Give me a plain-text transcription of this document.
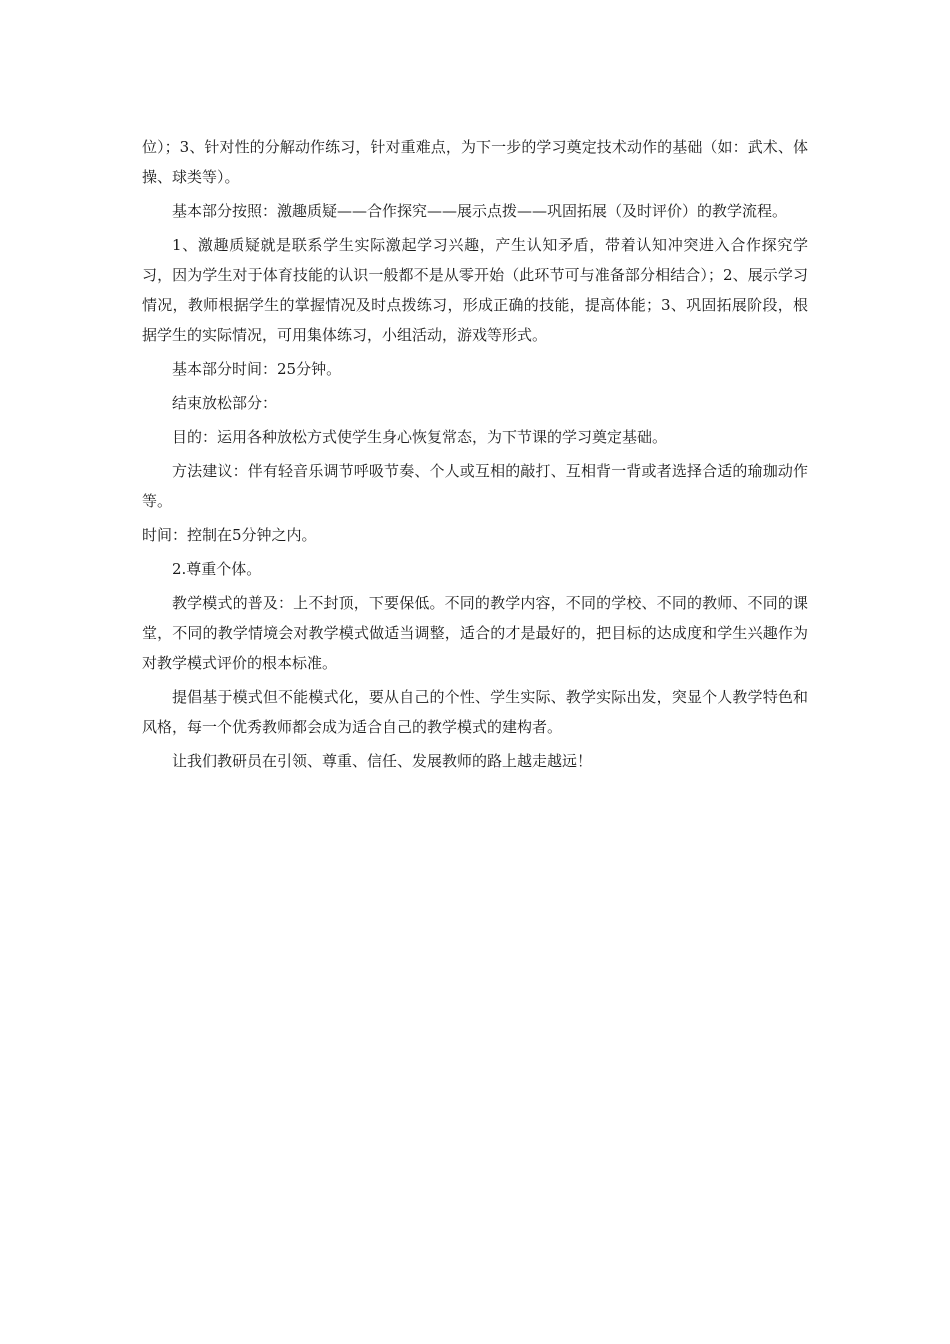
位）；3、针对性的分解动作练习，针对重难点，为下一步的学习奠定技术动作的基础（如：武术、体操、球类等）。

基本部分按照：激趣质疑——合作探究——展示点拨——巩固拓展（及时评价）的教学流程。

1、激趣质疑就是联系学生实际激起学习兴趣，产生认知矛盾，带着认知冲突进入合作探究学习，因为学生对于体育技能的认识一般都不是从零开始（此环节可与准备部分相结合）；2、展示学习情况，教师根据学生的掌握情况及时点拨练习，形成正确的技能，提高体能；3、巩固拓展阶段，根据学生的实际情况，可用集体练习，小组活动，游戏等形式。

基本部分时间：25分钟。

结束放松部分：

目的：运用各种放松方式使学生身心恢复常态，为下节课的学习奠定基础。

方法建议：伴有轻音乐调节呼吸节奏、个人或互相的敲打、互相背一背或者选择合适的瑜珈动作等。

时间：控制在5分钟之内。

2.尊重个体。

教学模式的普及：上不封顶，下要保低。不同的教学内容，不同的学校、不同的教师、不同的课堂，不同的教学情境会对教学模式做适当调整，适合的才是最好的，把目标的达成度和学生兴趣作为对教学模式评价的根本标准。

提倡基于模式但不能模式化，要从自己的个性、学生实际、教学实际出发，突显个人教学特色和风格，每一个优秀教师都会成为适合自己的教学模式的建构者。

让我们教研员在引领、尊重、信任、发展教师的路上越走越远！
